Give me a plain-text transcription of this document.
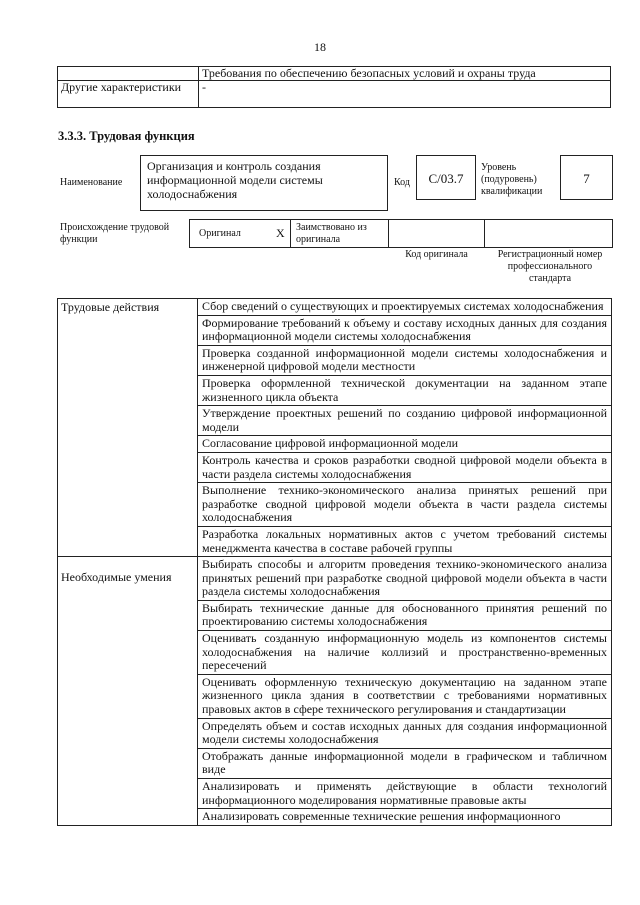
18
	Требования по обеспечению безопасных условий и охраны труда
Другие характеристики	-
3.3.3. Трудовая функция
Наименование
Организация и контроль создания информационной модели системы холодоснабжения
Код	C/03.7
Уровень (подуровень) квалификации
7
Происхождение трудовой функции
Оригинал	X Заимствовано из оригинала
Код оригинала	Регистрационный номер профессионального стандарта
Трудовые действия	Сбор сведений о существующих и проектируемых системах холодоснабжения
	Формирование требований к объему и составу исходных данных для создания информационной модели системы холодоснабжения
	Проверка созданной информационной модели системы холодоснабжения и инженерной цифровой модели местности
	Проверка оформленной технической документации на заданном этапе жизненного цикла объекта
	Утверждение проектных решений по созданию цифровой информационной модели
	Согласование цифровой информационной модели
	Контроль качества и сроков разработки сводной цифровой модели объекта в части раздела системы холодоснабжения
	Выполнение технико-экономического анализа принятых решений при разработке сводной цифровой модели объекта в части раздела системы холодоснабжения
	Разработка локальных нормативных актов с учетом требований системы менеджмента качества в составе рабочей группы
Необходимые умения	Выбирать способы и алгоритм проведения технико-экономического анализа принятых решений при разработке сводной цифровой модели объекта в части раздела системы холодоснабжения
	Выбирать технические данные для обоснованного принятия решений по проектированию системы холодоснабжения
	Оценивать созданную информационную модель из компонентов системы холодоснабжения на наличие коллизий и пространственно-временных пересечений
	Оценивать оформленную техническую документацию на заданном этапе жизненного цикла здания в соответствии с требованиями нормативных правовых актов в сфере технического регулирования и стандартизации
	Определять объем и состав исходных данных для создания информационной модели системы холодоснабжения
	Отображать данные информационной модели в графическом и табличном виде
	Анализировать и применять действующие в области технологий информационного моделирования нормативные правовые акты
	Анализировать современные технические решения информационного
